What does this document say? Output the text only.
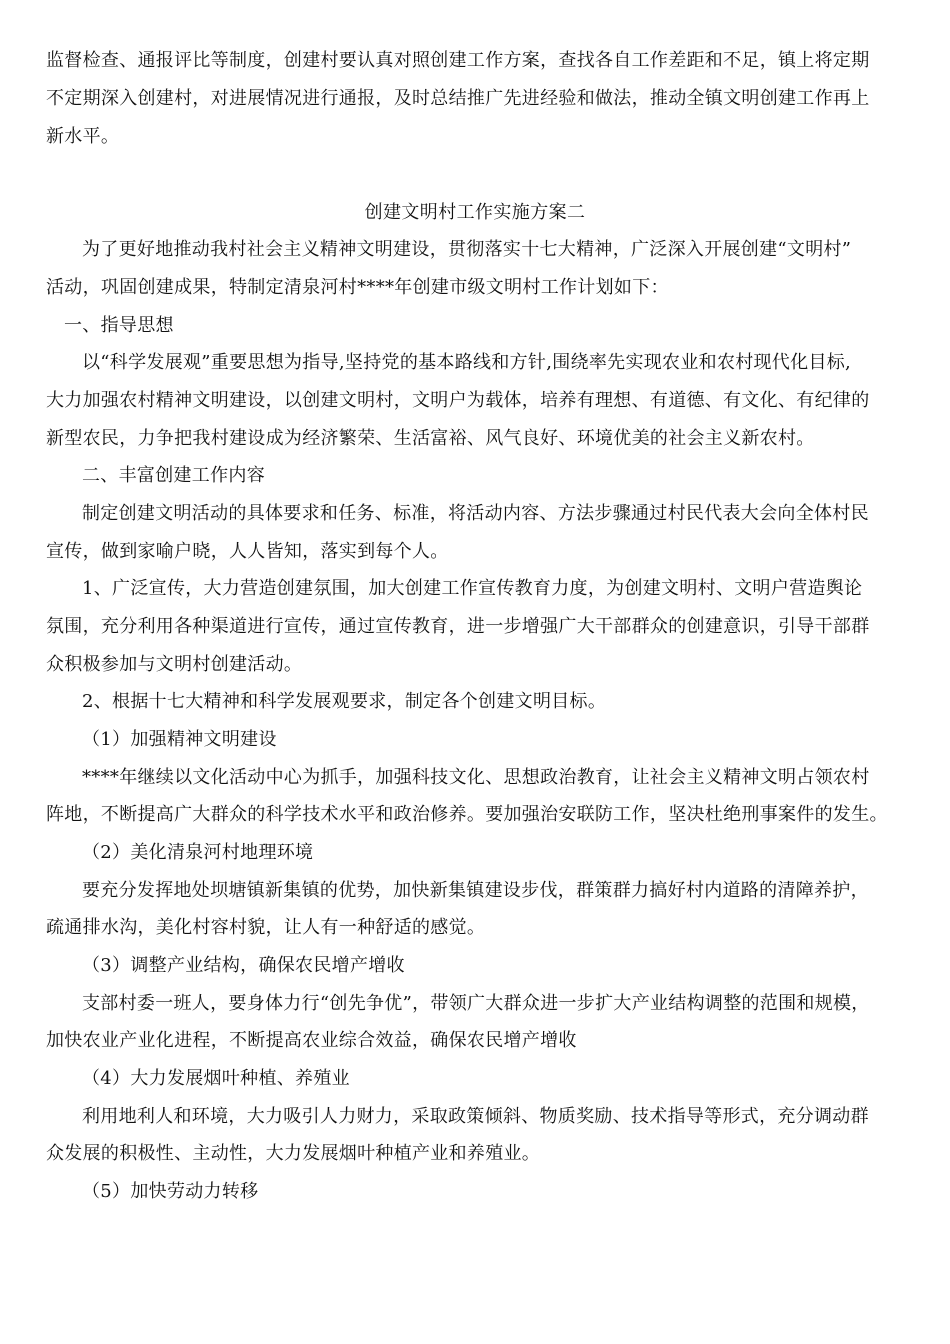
监督检查、通报评比等制度，创建村要认真对照创建工作方案，查找各自工作差距和不足，镇上将定期
不定期深入创建村，对进展情况进行通报，及时总结推广先进经验和做法，推动全镇文明创建工作再上
新水平。
创建文明村工作实施方案二
为了更好地推动我村社会主义精神文明建设，贯彻落实十七大精神，广泛深入开展创建“文明村”
活动，巩固创建成果，特制定清泉河村****年创建市级文明村工作计划如下：
一、指导思想
以“科学发展观”重要思想为指导,坚持党的基本路线和方针,围绕率先实现农业和农村现代化目标,
大力加强农村精神文明建设，以创建文明村，文明户为载体，培养有理想、有道德、有文化、有纪律的
新型农民，力争把我村建设成为经济繁荣、生活富裕、风气良好、环境优美的社会主义新农村。
二、丰富创建工作内容
制定创建文明活动的具体要求和任务、标准，将活动内容、方法步骤通过村民代表大会向全体村民
宣传，做到家喻户晓，人人皆知，落实到每个人。
1、广泛宣传，大力营造创建氛围，加大创建工作宣传教育力度，为创建文明村、文明户营造舆论
氛围，充分利用各种渠道进行宣传，通过宣传教育，进一步增强广大干部群众的创建意识，引导干部群
众积极参加与文明村创建活动。
2、根据十七大精神和科学发展观要求，制定各个创建文明目标。
（1）加强精神文明建设
****年继续以文化活动中心为抓手，加强科技文化、思想政治教育，让社会主义精神文明占领农村
阵地，不断提高广大群众的科学技术水平和政治修养。要加强治安联防工作，坚决杜绝刑事案件的发生。
（2）美化清泉河村地理环境
要充分发挥地处坝塘镇新集镇的优势，加快新集镇建设步伐，群策群力搞好村内道路的清障养护，
疏通排水沟，美化村容村貌，让人有一种舒适的感觉。
（3）调整产业结构，确保农民增产增收
支部村委一班人，要身体力行“创先争优”，带领广大群众进一步扩大产业结构调整的范围和规模，
加快农业产业化进程，不断提高农业综合效益，确保农民增产增收
（4）大力发展烟叶种植、养殖业
利用地利人和环境，大力吸引人力财力，采取政策倾斜、物质奖励、技术指导等形式，充分调动群
众发展的积极性、主动性，大力发展烟叶种植产业和养殖业。
（5）加快劳动力转移
